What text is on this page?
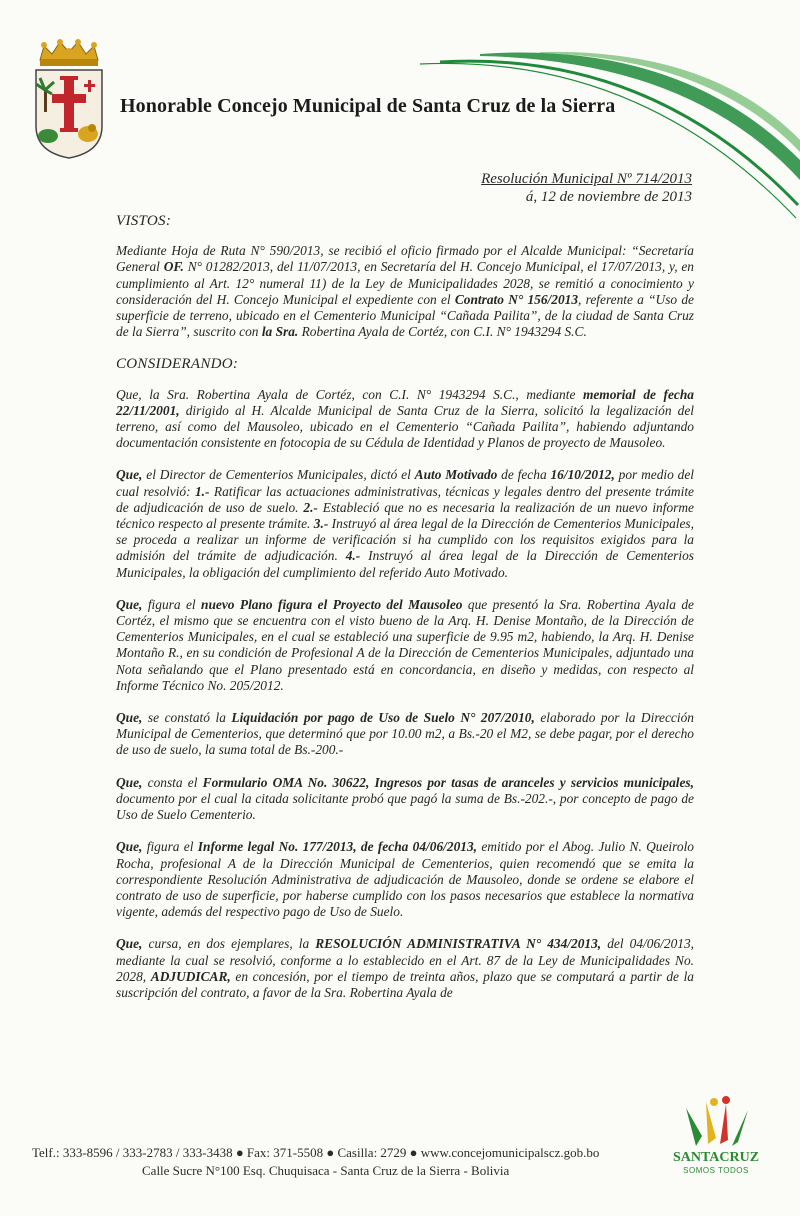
Honorable Concejo Municipal de Santa Cruz de la Sierra
Resolución Municipal Nº 714/2013
á, 12 de noviembre de 2013
VISTOS:

Mediante Hoja de Ruta N° 590/2013, se recibió el oficio firmado por el Alcalde Municipal: “Secretaría General OF. N° 01282/2013, del 11/07/2013, en Secretaría del H. Concejo Municipal, el 17/07/2013, y, en cumplimiento al Art. 12° numeral 11) de la Ley de Municipalidades 2028, se remitió a conocimiento y consideración del H. Concejo Municipal el expediente con el Contrato N° 156/2013, referente a “Uso de superficie de terreno, ubicado en el Cementerio Municipal “Cañada Pailita”, de la ciudad de Santa Cruz de la Sierra”, suscrito con la Sra. Robertina Ayala de Cortéz, con C.I. N° 1943294 S.C.

CONSIDERANDO:

Que, la Sra. Robertina Ayala de Cortéz, con C.I. N° 1943294 S.C., mediante memorial de fecha 22/11/2001, dirigido al H. Alcalde Municipal de Santa Cruz de la Sierra, solicitó la legalización del terreno, así como del Mausoleo, ubicado en el Cementerio “Cañada Pailita”, habiendo adjuntando documentación consistente en fotocopia de su Cédula de Identidad y Planos de proyecto de Mausoleo.

Que, el Director de Cementerios Municipales, dictó el Auto Motivado de fecha 16/10/2012, por medio del cual resolvió: 1.- Ratificar las actuaciones administrativas, técnicas y legales dentro del presente trámite de adjudicación de uso de suelo. 2.- Estableció que no es necesaria la realización de un nuevo informe técnico respecto al presente trámite. 3.- Instruyó al área legal de la Dirección de Cementerios Municipales, se proceda a realizar un informe de verificación si ha cumplido con los requisitos exigidos para la admisión del trámite de adjudicación. 4.- Instruyó al área legal de la Dirección de Cementerios Municipales, la obligación del cumplimiento del referido Auto Motivado.

Que, figura el nuevo Plano figura el Proyecto del Mausoleo que presentó la Sra. Robertina Ayala de Cortéz, el mismo que se encuentra con el visto bueno de la Arq. H. Denise Montaño, de la Dirección de Cementerios Municipales, en el cual se estableció una superficie de 9.95 m2, habiendo, la Arq. H. Denise Montaño R., en su condición de Profesional A de la Dirección de Cementerios Municipales, adjuntado una Nota señalando que el Plano presentado está en concordancia, en diseño y medidas, con respecto al Informe Técnico No. 205/2012.

Que, se constató la Liquidación por pago de Uso de Suelo N° 207/2010, elaborado por la Dirección Municipal de Cementerios, que determinó que por 10.00 m2, a Bs.-20 el M2, se debe pagar, por el derecho de uso de suelo, la suma total de Bs.-200.-

Que, consta el Formulario OMA No. 30622, Ingresos por tasas de aranceles y servicios municipales, documento por el cual la citada solicitante probó que pagó la suma de Bs.-202.-, por concepto de pago de Uso de Suelo Cementerio.

Que, figura el Informe legal No. 177/2013, de fecha 04/06/2013, emitido por el Abog. Julio N. Queirolo Rocha, profesional A de la Dirección Municipal de Cementerios, quien recomendó que se emita la correspondiente Resolución Administrativa de adjudicación de Mausoleo, donde se ordene se elabore el contrato de uso de superficie, por haberse cumplido con los pasos necesarios que establece la normativa vigente, además del respectivo pago de Uso de Suelo.

Que, cursa, en dos ejemplares, la RESOLUCIÓN ADMINISTRATIVA N° 434/2013, del 04/06/2013, mediante la cual se resolvió, conforme a lo establecido en el Art. 87 de la Ley de Municipalidades No. 2028, ADJUDICAR, en concesión, por el tiempo de treinta años, plazo que se computará a partir de la suscripción del contrato, a favor de la Sra. Robertina Ayala de

Telf.: 333-8596 / 333-2783 / 333-3438 ● Fax: 371-5508 ● Casilla: 2729 ● www.concejomunicipalscz.gob.bo
Calle Sucre N°100 Esq. Chuquisaca - Santa Cruz de la Sierra - Bolivia
SANTACRUZ
SOMOS TODOS
